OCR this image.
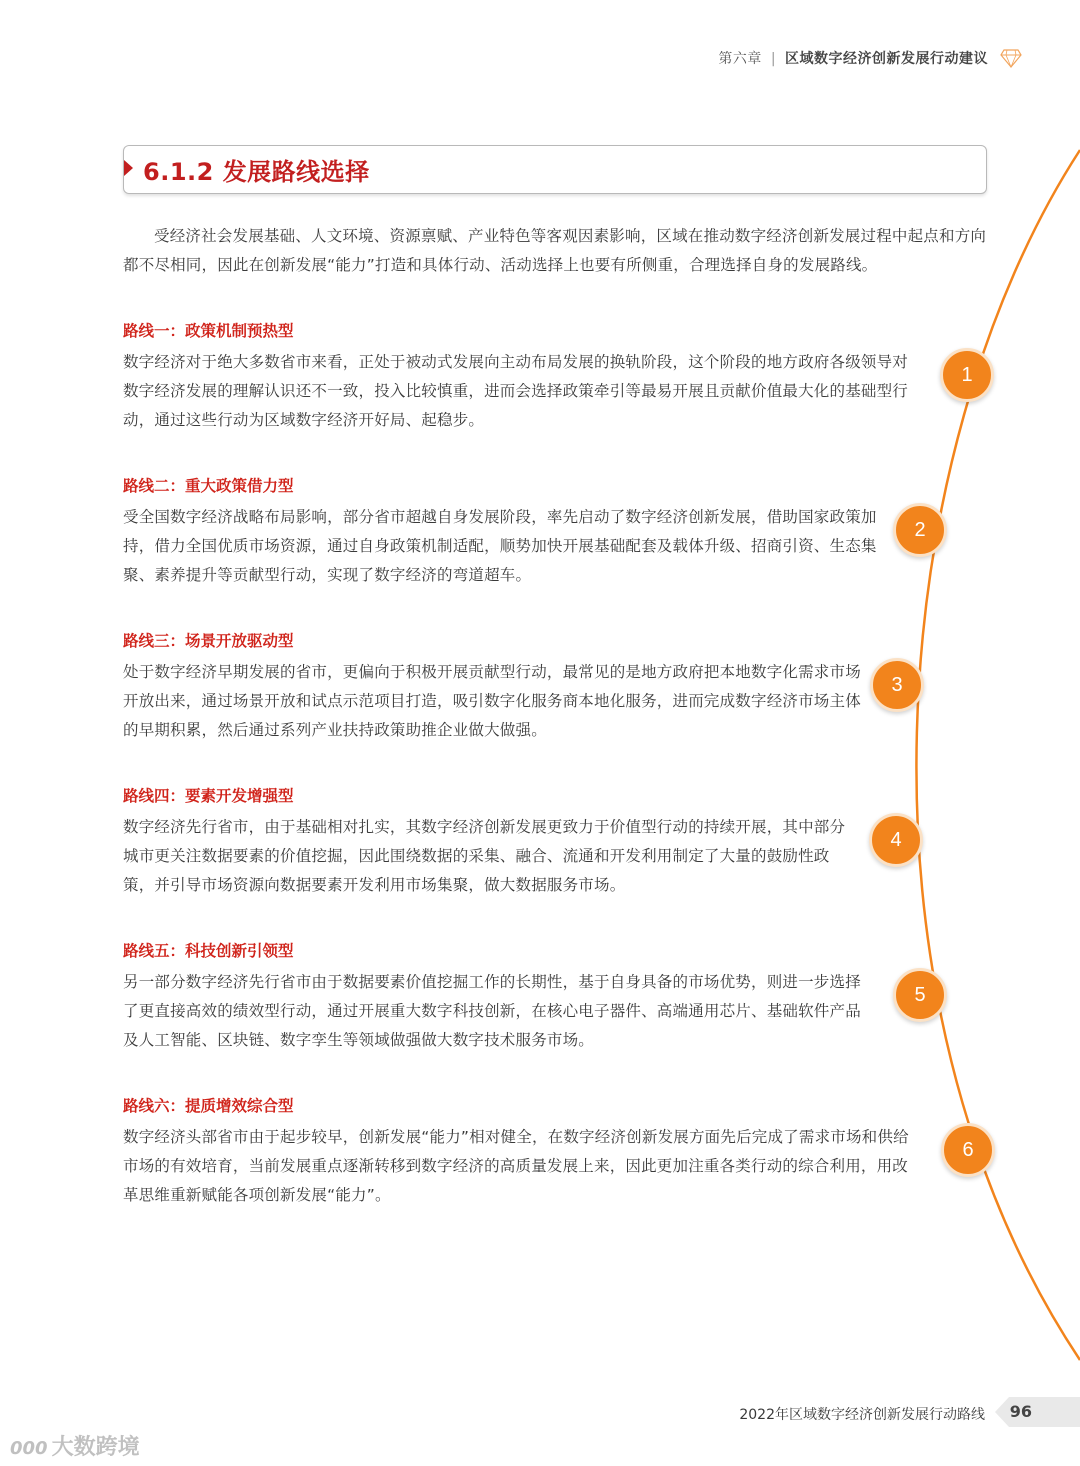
第六章 | 区域数字经济创新发展行动建议
6.1.2 发展路线选择
受经济社会发展基础、人文环境、资源禀赋、产业特色等客观因素影响，区域在推动数字经济创新发展过程中起点和方向都不尽相同，因此在创新发展“能力”打造和具体行动、活动选择上也要有所侧重，合理选择自身的发展路线。
路线一：政策机制预热型
数字经济对于绝大多数省市来看，正处于被动式发展向主动布局发展的换轨阶段，这个阶段的地方政府各级领导对数字经济发展的理解认识还不一致，投入比较慎重，进而会选择政策牵引等最易开展且贡献价值最大化的基础型行动，通过这些行动为区域数字经济开好局、起稳步。
路线二：重大政策借力型
受全国数字经济战略布局影响，部分省市超越自身发展阶段，率先启动了数字经济创新发展，借助国家政策加持，借力全国优质市场资源，通过自身政策机制适配，顺势加快开展基础配套及载体升级、招商引资、生态集聚、素养提升等贡献型行动，实现了数字经济的弯道超车。
路线三：场景开放驱动型
处于数字经济早期发展的省市，更偏向于积极开展贡献型行动，最常见的是地方政府把本地数字化需求市场开放出来，通过场景开放和试点示范项目打造，吸引数字化服务商本地化服务，进而完成数字经济市场主体的早期积累，然后通过系列产业扶持政策助推企业做大做强。
路线四：要素开发增强型
数字经济先行省市，由于基础相对扎实，其数字经济创新发展更致力于价值型行动的持续开展，其中部分城市更关注数据要素的价值挖掘，因此围绕数据的采集、融合、流通和开发利用制定了大量的鼓励性政策，并引导市场资源向数据要素开发利用市场集聚，做大数据服务市场。
路线五：科技创新引领型
另一部分数字经济先行省市由于数据要素价值挖掘工作的长期性，基于自身具备的市场优势，则进一步选择了更直接高效的绩效型行动，通过开展重大数字科技创新，在核心电子器件、高端通用芯片、基础软件产品及人工智能、区块链、数字孪生等领域做强做大数字技术服务市场。
路线六：提质增效综合型
数字经济头部省市由于起步较早，创新发展“能力”相对健全，在数字经济创新发展方面先后完成了需求市场和供给市场的有效培育，当前发展重点逐渐转移到数字经济的高质量发展上来，因此更加注重各类行动的综合利用，用改革思维重新赋能各项创新发展“能力”。
1
2
3
4
5
6
2022年区域数字经济创新发展行动路线 96
000 大数跨境
